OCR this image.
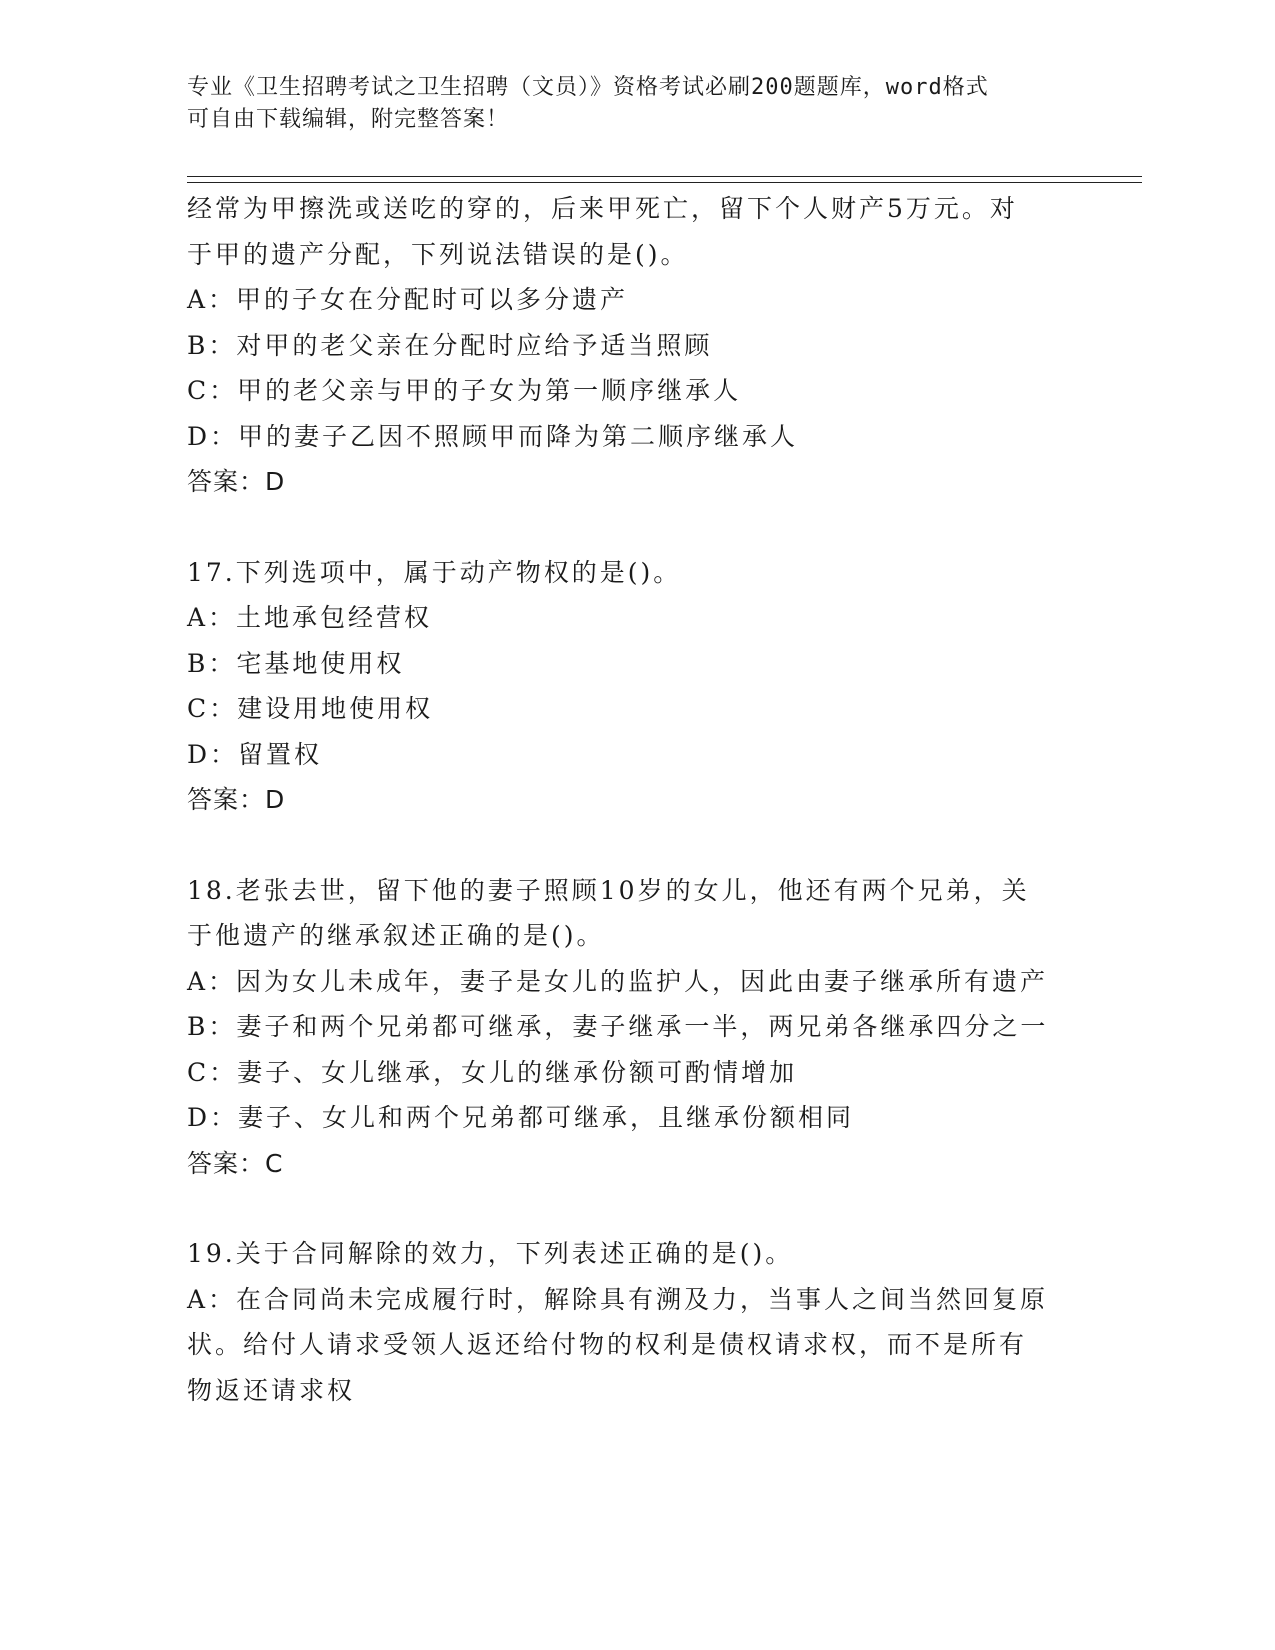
专业《卫生招聘考试之卫生招聘（文员）》资格考试必刷200题题库，word格式
可自由下载编辑，附完整答案！
经常为甲擦洗或送吃的穿的，后来甲死亡，留下个人财产5万元。对
于甲的遗产分配，下列说法错误的是()。
A：甲的子女在分配时可以多分遗产
B：对甲的老父亲在分配时应给予适当照顾
C：甲的老父亲与甲的子女为第一顺序继承人
D：甲的妻子乙因不照顾甲而降为第二顺序继承人
答案：D
17.下列选项中，属于动产物权的是()。
A：土地承包经营权
B：宅基地使用权
C：建设用地使用权
D：留置权
答案：D
18.老张去世，留下他的妻子照顾10岁的女儿，他还有两个兄弟，关
于他遗产的继承叙述正确的是()。
A：因为女儿未成年，妻子是女儿的监护人，因此由妻子继承所有遗产
B：妻子和两个兄弟都可继承，妻子继承一半，两兄弟各继承四分之一
C：妻子、女儿继承，女儿的继承份额可酌情增加
D：妻子、女儿和两个兄弟都可继承，且继承份额相同
答案：C
19.关于合同解除的效力，下列表述正确的是()。
A：在合同尚未完成履行时，解除具有溯及力，当事人之间当然回复原
状。给付人请求受领人返还给付物的权利是债权请求权，而不是所有
物返还请求权
